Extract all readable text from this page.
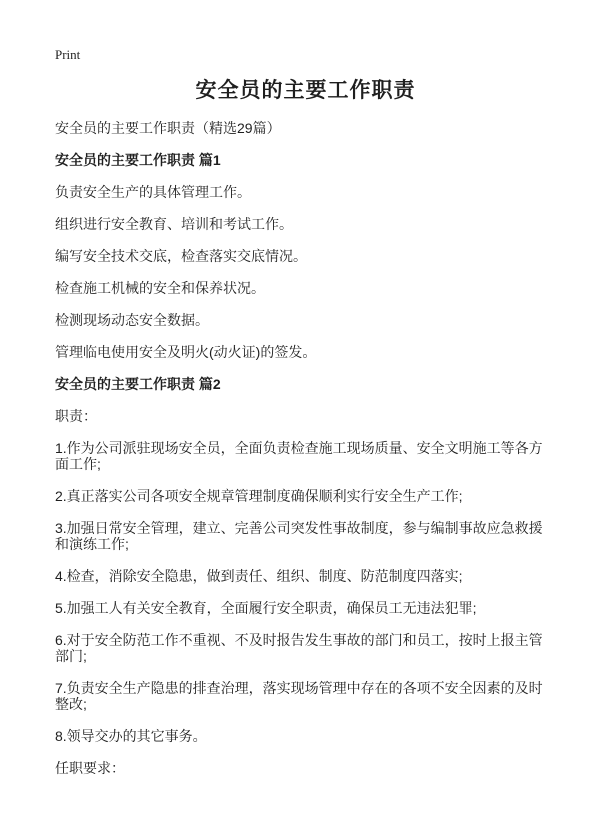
Print
安全员的主要工作职责

安全员的主要工作职责（精选29篇）

安全员的主要工作职责 篇1

负责安全生产的具体管理工作。

组织进行安全教育、培训和考试工作。

编写安全技术交底，检查落实交底情况。

检查施工机械的安全和保养状况。

检测现场动态安全数据。

管理临电使用安全及明火(动火证)的签发。

安全员的主要工作职责 篇2

职责：

1.作为公司派驻现场安全员，全面负责检查施工现场质量、安全文明施工等各方面工作;

2.真正落实公司各项安全规章管理制度确保顺利实行安全生产工作;

3.加强日常安全管理，建立、完善公司突发性事故制度，参与编制事故应急救援和演练工作;

4.检查，消除安全隐患，做到责任、组织、制度、防范制度四落实;

5.加强工人有关安全教育，全面履行安全职责，确保员工无违法犯罪;

6.对于安全防范工作不重视、不及时报告发生事故的部门和员工，按时上报主管部门;

7.负责安全生产隐患的排查治理，落实现场管理中存在的各项不安全因素的及时整改;

8.领导交办的其它事务。

任职要求：
